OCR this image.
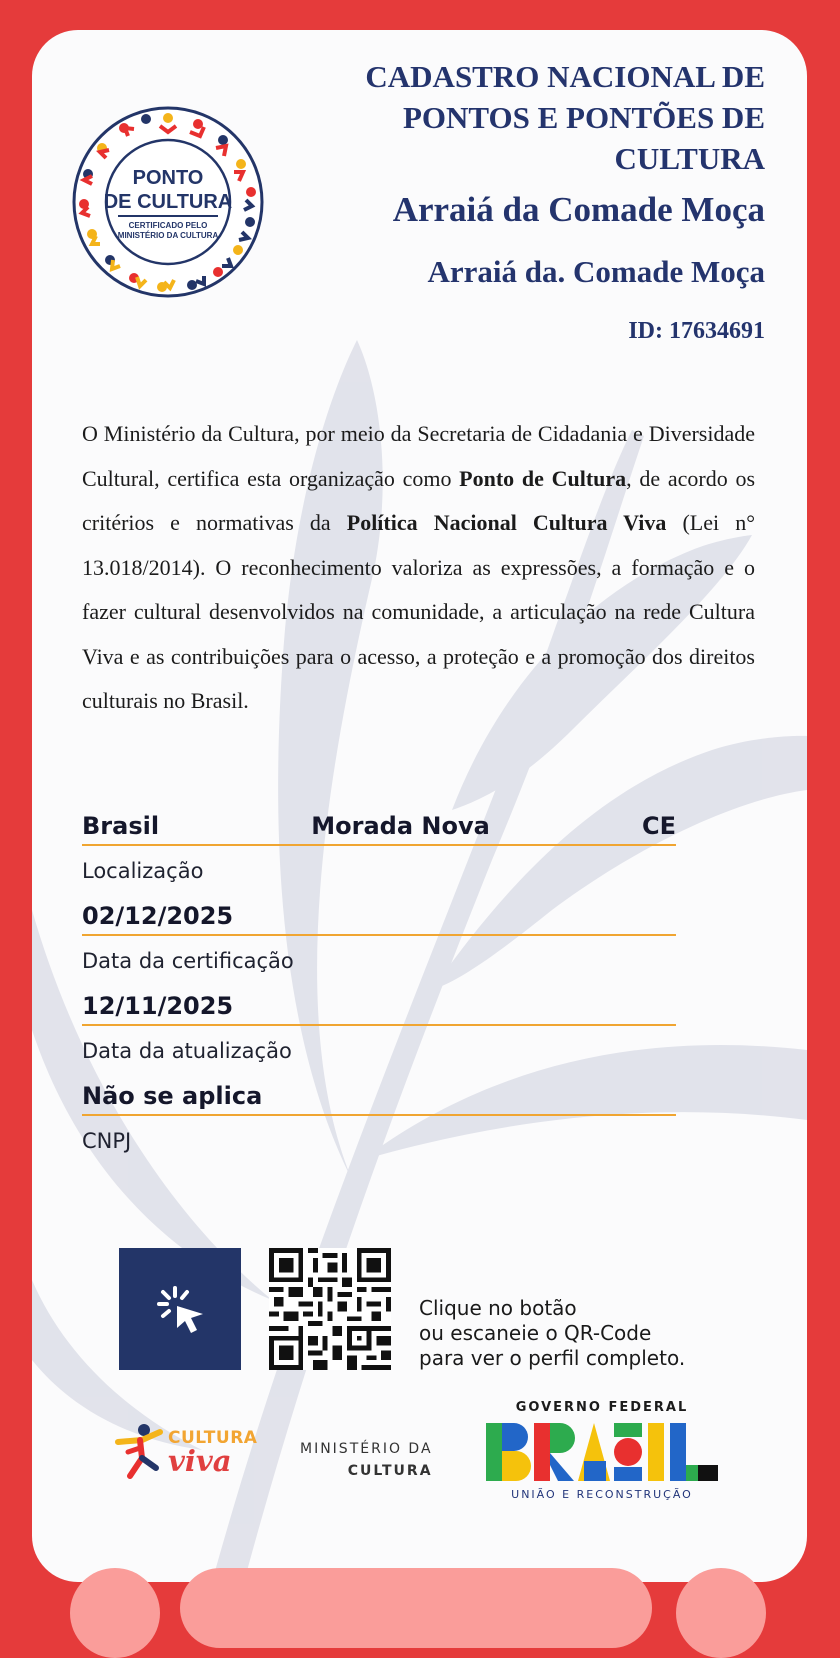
PONTO
DE CULTURA
CERTIFICADO PELO
MINISTÉRIO DA CULTURA
CADASTRO NACIONAL DE
PONTOS E PONTÕES DE
CULTURA
Arraiá da Comade Moça
Arraiá da. Comade Moça
ID: 17634691

O Ministério da Cultura, por meio da Secretaria de Cidadania e Diversidade Cultural, certifica esta organização como Ponto de Cultura, de acordo os critérios e normativas da Política Nacional Cultura Viva (Lei n° 13.018/2014). O reconhecimento valoriza as expressões, a formação e o fazer cultural desenvolvidos na comunidade, a articulação na rede Cultura Viva e as contribuições para o acesso, a proteção e a promoção dos direitos culturais no Brasil.

Brasil	Morada Nova	CE
Localização
02/12/2025
Data da certificação
12/11/2025
Data da atualização
Não se aplica
CNPJ
Clique no botão
ou escaneie o QR-Code
para ver o perfil completo.
CULTURA
viva	MINISTÉRIO DA
CULTURA
GOVERNO FEDERAL
UNIÃO E RECONSTRUÇÃO
